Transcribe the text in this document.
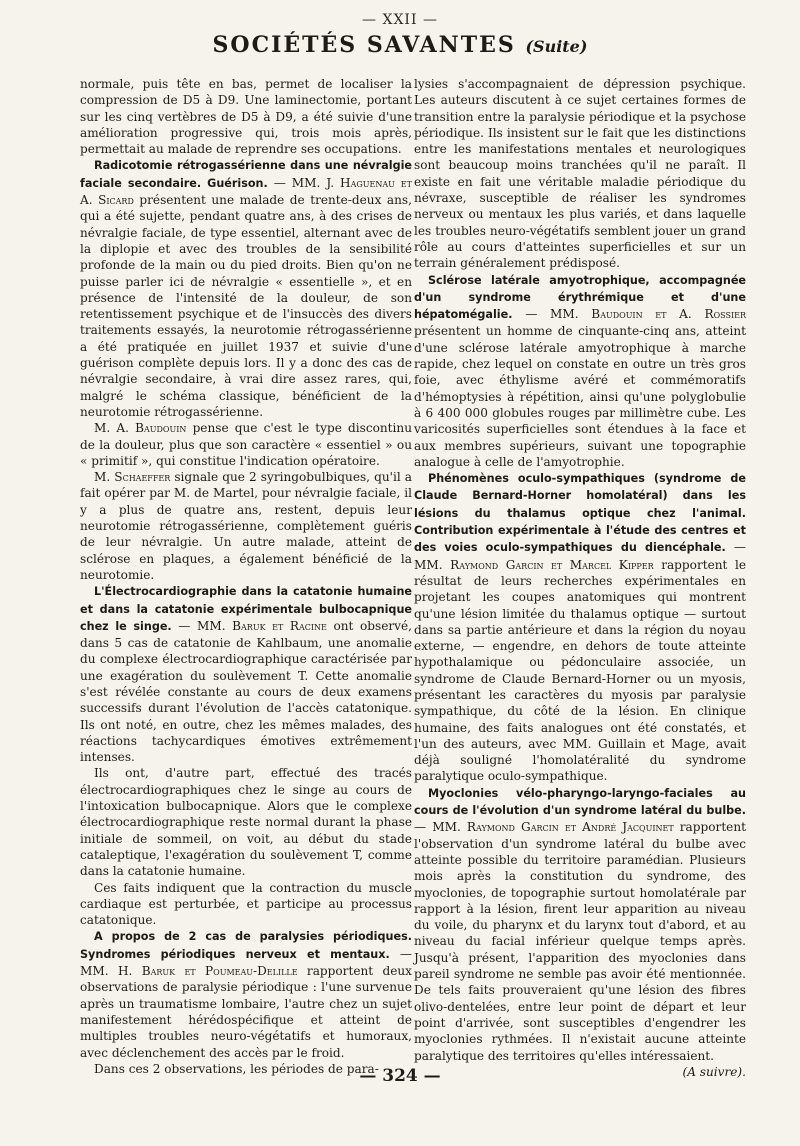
— XXII —
SOCIÉTÉS SAVANTES (Suite)

normale, puis tête en bas, permet de localiser la compression de D5 à D9. Une laminectomie, portant sur les cinq vertèbres de D5 à D9, a été suivie d'une amélioration progressive qui, trois mois après, permettait au malade de reprendre ses occupations.

Radicotomie rétrogassérienne dans une névralgie faciale secondaire. Guérison. — MM. J. Haguenau et A. Sicard présentent une malade de trente-deux ans, qui a été sujette, pendant quatre ans, à des crises de névralgie faciale, de type essentiel, alternant avec de la diplopie et avec des troubles de la sensibilité profonde de la main ou du pied droits. Bien qu'on ne puisse parler ici de névralgie « essentielle », et en présence de l'intensité de la douleur, de son retentissement psychique et de l'insuccès des divers traitements essayés, la neurotomie rétrogassérienne a été pratiquée en juillet 1937 et suivie d'une guérison complète depuis lors. Il y a donc des cas de névralgie secondaire, à vrai dire assez rares, qui, malgré le schéma classique, bénéficient de la neurotomie rétrogassérienne.

M. A. Baudouin pense que c'est le type discontinu de la douleur, plus que son caractère « essentiel » ou « primitif », qui constitue l'indication opératoire.

M. Schaeffer signale que 2 syringobulbiques, qu'il a fait opérer par M. de Martel, pour névralgie faciale, il y a plus de quatre ans, restent, depuis leur neurotomie rétrogassérienne, complètement guéris de leur névralgie. Un autre malade, atteint de sclérose en plaques, a également bénéficié de la neurotomie.

L'Électrocardiographie dans la catatonie humaine et dans la catatonie expérimentale bulbocapnique chez le singe. — MM. Baruk et Racine ont observé, dans 5 cas de catatonie de Kahlbaum, une anomalie du complexe électrocardiographique caractérisée par une exagération du soulèvement T. Cette anomalie s'est révélée constante au cours de deux examens successifs durant l'évolution de l'accès catatonique. Ils ont noté, en outre, chez les mêmes malades, des réactions tachycardiques émotives extrêmement intenses.

Ils ont, d'autre part, effectué des tracés électrocardiographiques chez le singe au cours de l'intoxication bulbocapnique. Alors que le complexe électrocardiographique reste normal durant la phase initiale de sommeil, on voit, au début du stade cataleptique, l'exagération du soulèvement T, comme dans la catatonie humaine.

Ces faits indiquent que la contraction du muscle cardiaque est perturbée, et participe au processus catatonique.

A propos de 2 cas de paralysies périodiques. Syndromes périodiques nerveux et mentaux. — MM. H. Baruk et Poumeau-Delille rapportent deux observations de paralysie périodique : l'une survenue après un traumatisme lombaire, l'autre chez un sujet manifestement hérédospécifique et atteint de multiples troubles neuro-végétatifs et humoraux, avec déclenchement des accès par le froid.

Dans ces 2 observations, les périodes de para-

lysies s'accompagnaient de dépression psychique. Les auteurs discutent à ce sujet certaines formes de transition entre la paralysie périodique et la psychose périodique. Ils insistent sur le fait que les distinctions entre les manifestations mentales et neurologiques sont beaucoup moins tranchées qu'il ne paraît. Il existe en fait une véritable maladie périodique du névraxe, susceptible de réaliser les syndromes nerveux ou mentaux les plus variés, et dans laquelle les troubles neuro-végétatifs semblent jouer un grand rôle au cours d'atteintes superficielles et sur un terrain généralement prédisposé.

Sclérose latérale amyotrophique, accompagnée d'un syndrome érythrémique et d'une hépatomégalie. — MM. Baudouin et A. Rossier présentent un homme de cinquante-cinq ans, atteint d'une sclérose latérale amyotrophique à marche rapide, chez lequel on constate en outre un très gros foie, avec éthylisme avéré et commémoratifs d'hémoptysies à répétition, ainsi qu'une polyglobulie à 6 400 000 globules rouges par millimètre cube. Les varicosités superficielles sont étendues à la face et aux membres supérieurs, suivant une topographie analogue à celle de l'amyotrophie.

Phénomènes oculo-sympathiques (syndrome de Claude Bernard-Horner homolatéral) dans les lésions du thalamus optique chez l'animal. Contribution expérimentale à l'étude des centres et des voies oculo-sympathiques du diencéphale. — MM. Raymond Garcin et Marcel Kipper rapportent le résultat de leurs recherches expérimentales en projetant les coupes anatomiques qui montrent qu'une lésion limitée du thalamus optique — surtout dans sa partie antérieure et dans la région du noyau externe, — engendre, en dehors de toute atteinte hypothalamique ou pédonculaire associée, un syndrome de Claude Bernard-Horner ou un myosis, présentant les caractères du myosis par paralysie sympathique, du côté de la lésion. En clinique humaine, des faits analogues ont été constatés, et l'un des auteurs, avec MM. Guillain et Mage, avait déjà souligné l'homolatéralité du syndrome paralytique oculo-sympathique.

Myoclonies vélo-pharyngo-laryngo-faciales au cours de l'évolution d'un syndrome latéral du bulbe. — MM. Raymond Garcin et André Jacquinet rapportent l'observation d'un syndrome latéral du bulbe avec atteinte possible du territoire paramédian. Plusieurs mois après la constitution du syndrome, des myoclonies, de topographie surtout homolatérale par rapport à la lésion, firent leur apparition au niveau du voile, du pharynx et du larynx tout d'abord, et au niveau du facial inférieur quelque temps après. Jusqu'à présent, l'apparition des myoclonies dans pareil syndrome ne semble pas avoir été mentionnée. De tels faits prouveraient qu'une lésion des fibres olivo-dentelées, entre leur point de départ et leur point d'arrivée, sont susceptibles d'engendrer les myoclonies rythmées. Il n'existait aucune atteinte paralytique des territoires qu'elles intéressaient.

(A suivre).

— 324 —
